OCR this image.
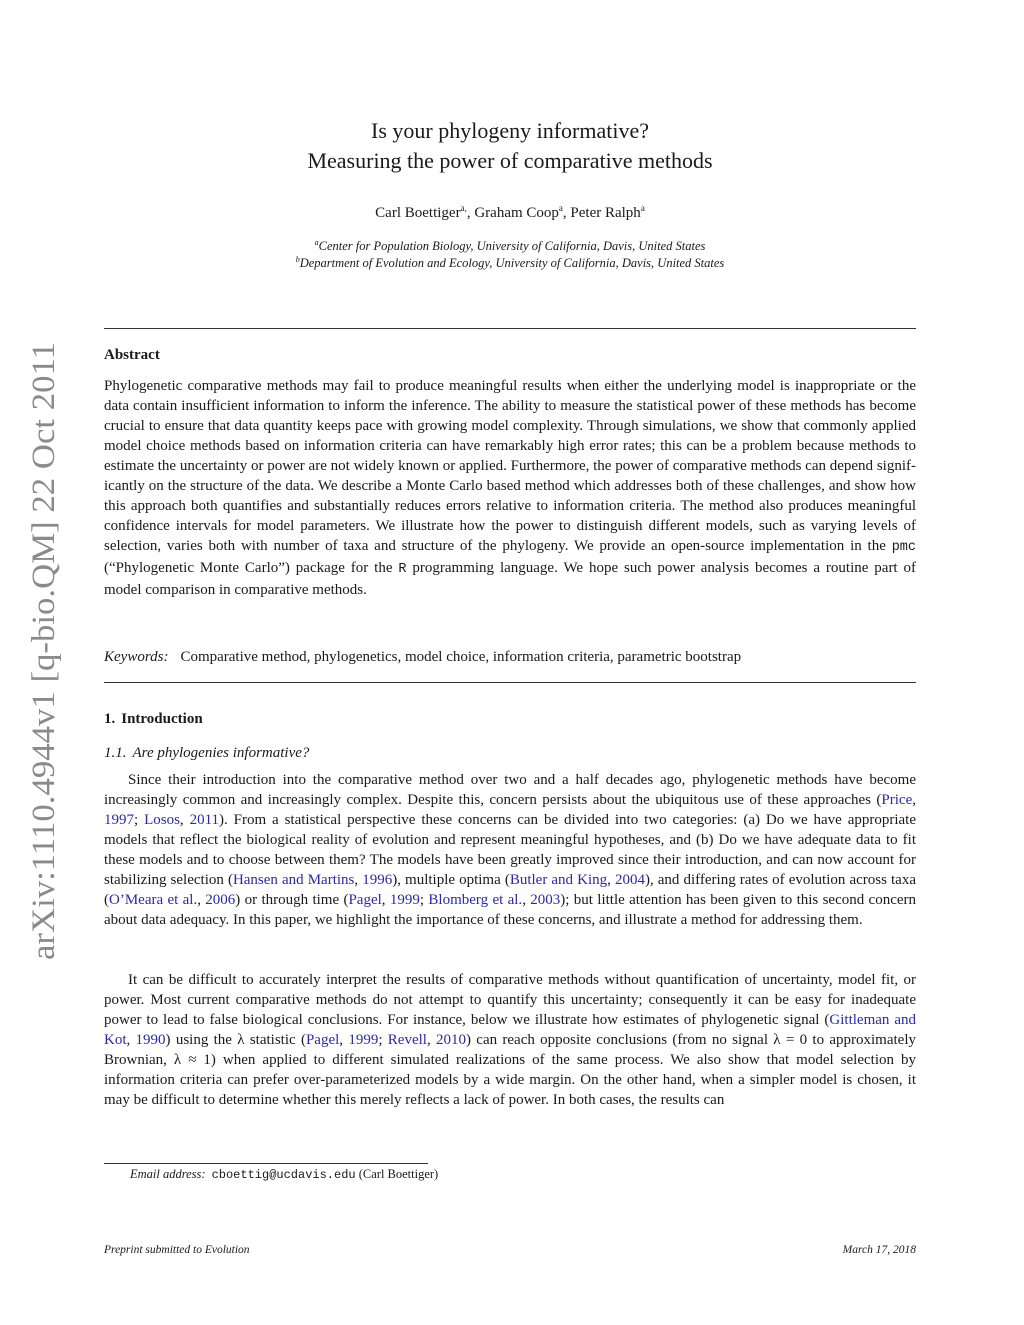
arXiv:1110.4944v1 [q-bio.QM] 22 Oct 2011
Is your phylogeny informative?
Measuring the power of comparative methods
Carl Boettiger$^{a,}$, Graham Coop$^a$, Peter Ralph$^a$
$^a$Center for Population Biology, University of California, Davis, United States
$^b$Department of Evolution and Ecology, University of California, Davis, United States
Abstract
Phylogenetic comparative methods may fail to produce meaningful results when either the underlying model is inappropriate or the data contain insufficient information to inform the inference. The ability to measure the statistical power of these methods has become crucial to ensure that data quantity keeps pace with growing model complexity. Through simulations, we show that commonly applied model choice methods based on information criteria can have remarkably high error rates; this can be a problem because methods to estimate the uncertainty or power are not widely known or applied. Furthermore, the power of comparative methods can depend significantly on the structure of the data. We describe a Monte Carlo based method which addresses both of these challenges, and show how this approach both quantifies and substantially reduces errors relative to information criteria. The method also produces meaningful confidence intervals for model parameters. We illustrate how the power to distinguish different models, such as varying levels of selection, varies both with number of taxa and structure of the phylogeny. We provide an open-source implementation in the pmc (“Phylogenetic Monte Carlo”) package for the R programming language. We hope such power analysis becomes a routine part of model comparison in comparative methods.
Keywords: Comparative method, phylogenetics, model choice, information criteria, parametric bootstrap
1. Introduction
1.1. Are phylogenies informative?
Since their introduction into the comparative method over two and a half decades ago, phylogenetic methods have become increasingly common and increasingly complex. Despite this, concern persists about the ubiquitous use of these approaches (Price, 1997; Losos, 2011). From a statistical perspective these concerns can be divided into two categories: (a) Do we have appropriate models that reflect the biological reality of evolution and represent meaningful hypotheses, and (b) Do we have adequate data to fit these models and to choose between them? The models have been greatly improved since their introduction, and can now account for stabilizing selection (Hansen and Martins, 1996), multiple optima (Butler and King, 2004), and differing rates of evolution across taxa (O’Meara et al., 2006) or through time (Pagel, 1999; Blomberg et al., 2003); but little attention has been given to this second concern about data adequacy. In this paper, we highlight the importance of these concerns, and illustrate a method for addressing them.
It can be difficult to accurately interpret the results of comparative methods without quantification of uncertainty, model fit, or power. Most current comparative methods do not attempt to quantify this uncertainty; consequently it can be easy for inadequate power to lead to false biological conclusions. For instance, below we illustrate how estimates of phylogenetic signal (Gittleman and Kot, 1990) using the λ statistic (Pagel, 1999; Revell, 2010) can reach opposite conclusions (from no signal λ = 0 to approximately Brownian, λ ≈ 1) when applied to different simulated realizations of the same process. We also show that model selection by information criteria can prefer over-parameterized models by a wide margin. On the other hand, when a simpler model is chosen, it may be difficult to determine whether this merely reflects a lack of power. In both cases, the results can
Email address: cboettig@ucdavis.edu (Carl Boettiger)
Preprint submitted to Evolution	March 17, 2018
